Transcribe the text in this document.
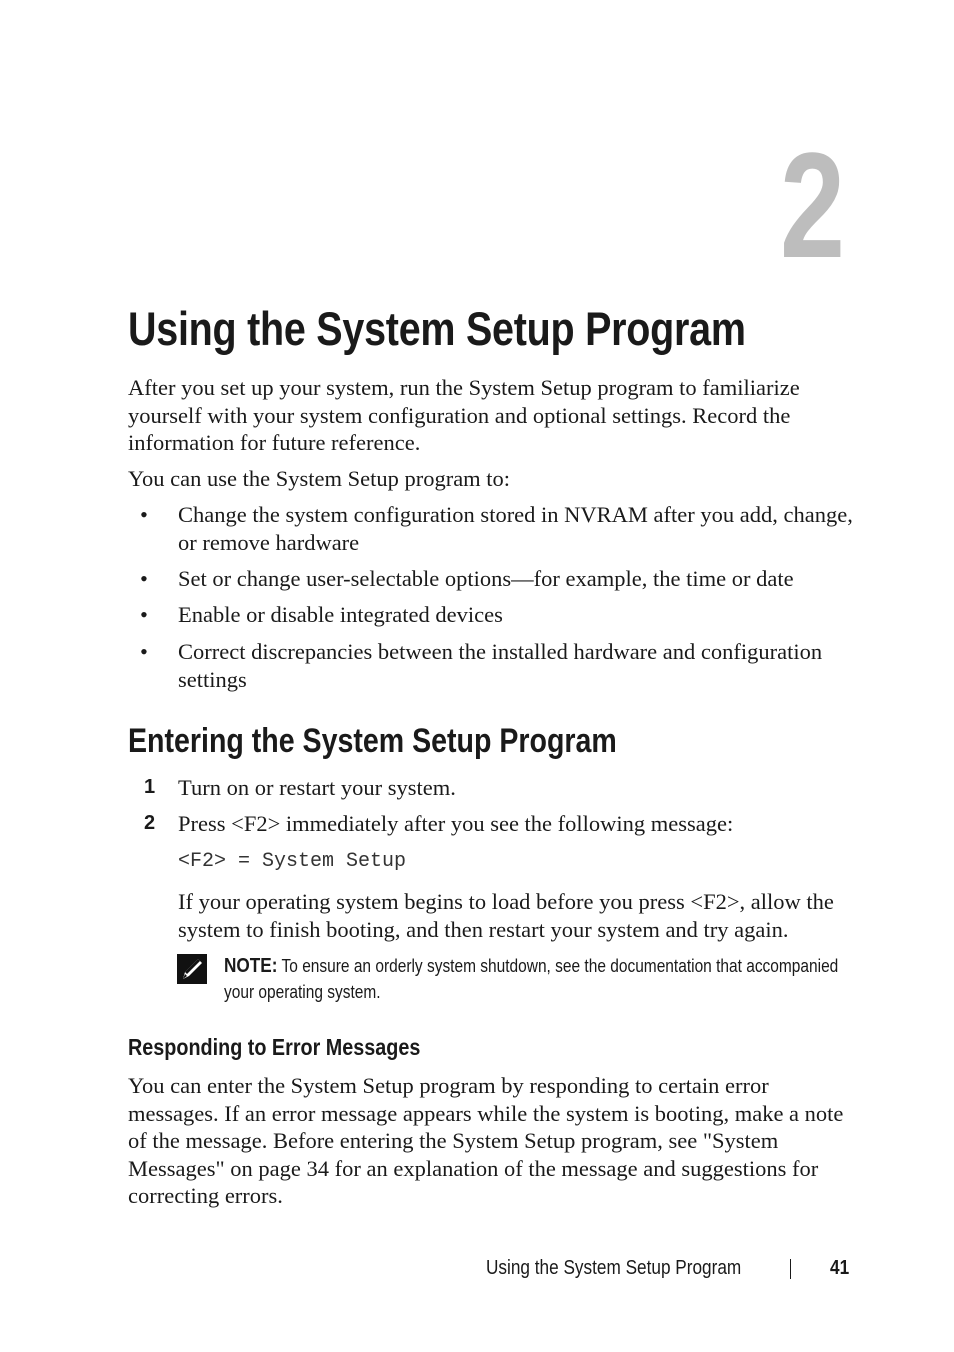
2
Using the System Setup Program

After you set up your system, run the System Setup program to familiarize yourself with your system configuration and optional settings. Record the information for future reference.

You can use the System Setup program to:

• Change the system configuration stored in NVRAM after you add, change, or remove hardware
• Set or change user-selectable options—for example, the time or date
• Enable or disable integrated devices
• Correct discrepancies between the installed hardware and configuration settings
Entering the System Setup Program
1 Turn on or restart your system.
2 Press <F2> immediately after you see the following message:
<F2> = System Setup

If your operating system begins to load before you press <F2>, allow the system to finish booting, and then restart your system and try again.

NOTE: To ensure an orderly system shutdown, see the documentation that accompanied your operating system.
Responding to Error Messages

You can enter the System Setup program by responding to certain error messages. If an error message appears while the system is booting, make a note of the message. Before entering the System Setup program, see "System Messages" on page 34 for an explanation of the message and suggestions for correcting errors.

Using the System Setup Program	41
